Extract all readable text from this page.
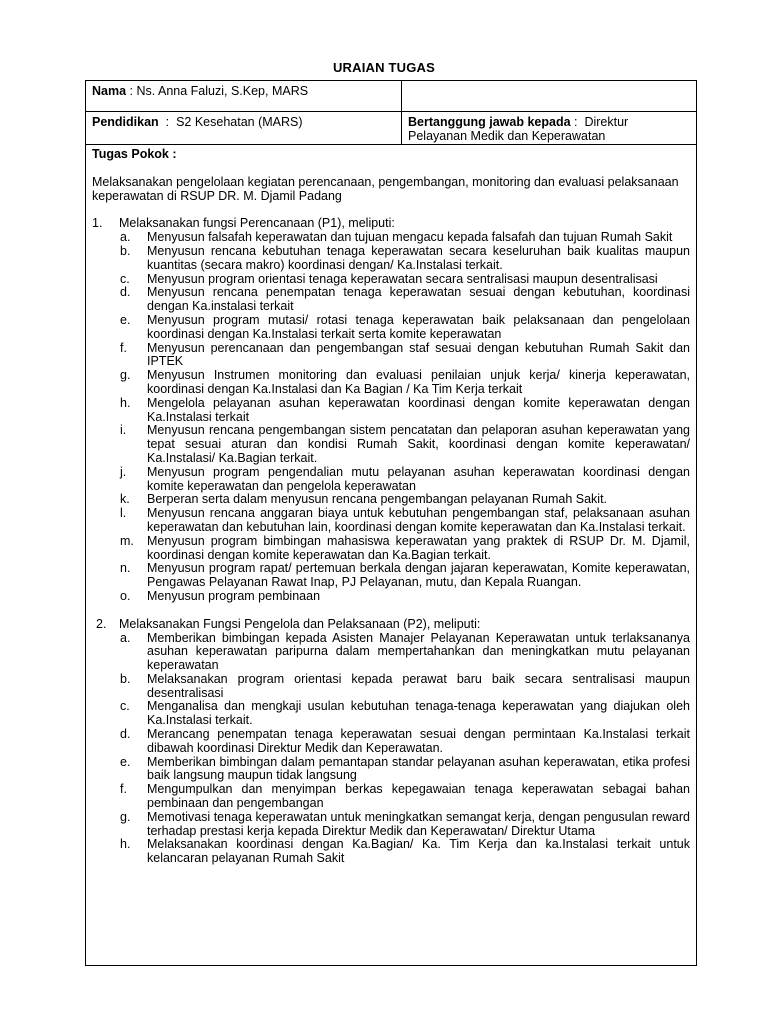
URAIAN TUGAS
Nama : Ns. Anna Faluzi, S.Kep, MARS
Pendidikan  :  S2 Kesehatan (MARS)	Bertanggung jawab kepada :  Direktur Pelayanan Medik dan Keperawatan
Tugas Pokok :
Melaksanakan pengelolaan kegiatan perencanaan, pengembangan, monitoring dan evaluasi pelaksanaan keperawatan di RSUP DR. M. Djamil Padang
1.	Melaksanakan fungsi Perencanaan (P1), meliputi:
a.	Menyusun falsafah keperawatan dan tujuan mengacu kepada falsafah dan tujuan Rumah Sakit
b.	Menyusun rencana kebutuhan tenaga keperawatan secara keseluruhan baik kualitas maupun kuantitas (secara makro) koordinasi dengan/ Ka.Instalasi terkait.
c.	Menyusun program orientasi tenaga keperawatan secara sentralisasi maupun desentralisasi
d.	Menyusun rencana penempatan tenaga keperawatan sesuai dengan kebutuhan, koordinasi dengan Ka.instalasi terkait
e.	Menyusun program mutasi/ rotasi tenaga keperawatan baik pelaksanaan dan pengelolaan koordinasi dengan Ka.Instalasi terkait serta komite keperawatan
f.	Menyusun perencanaan dan pengembangan staf sesuai dengan kebutuhan Rumah Sakit dan IPTEK
g.	Menyusun Instrumen monitoring dan evaluasi penilaian unjuk kerja/ kinerja keperawatan, koordinasi dengan Ka.Instalasi dan Ka Bagian / Ka Tim Kerja terkait
h.	Mengelola pelayanan asuhan keperawatan koordinasi dengan komite keperawatan dengan Ka.Instalasi terkait
i.	Menyusun rencana pengembangan sistem pencatatan dan pelaporan asuhan keperawatan yang tepat sesuai aturan dan kondisi Rumah Sakit, koordinasi dengan komite keperawatan/ Ka.Instalasi/ Ka.Bagian terkait.
j.	Menyusun program pengendalian mutu pelayanan asuhan keperawatan koordinasi dengan komite keperawatan dan pengelola keperawatan
k.	Berperan serta dalam menyusun rencana pengembangan pelayanan Rumah Sakit.
l.	Menyusun rencana anggaran biaya untuk kebutuhan pengembangan staf, pelaksanaan asuhan keperawatan dan kebutuhan lain, koordinasi dengan komite keperawatan dan Ka.Instalasi terkait.
m.	Menyusun program bimbingan mahasiswa keperawatan yang praktek di RSUP Dr. M. Djamil, koordinasi dengan komite keperawatan dan Ka.Bagian terkait.
n.	Menyusun program rapat/ pertemuan berkala dengan jajaran keperawatan, Komite keperawatan, Pengawas Pelayanan Rawat Inap, PJ Pelayanan, mutu, dan Kepala Ruangan.
o.	Menyusun program pembinaan
2.	Melaksanakan Fungsi Pengelola dan Pelaksanaan (P2), meliputi:
a.	Memberikan bimbingan kepada Asisten Manajer Pelayanan Keperawatan untuk terlaksananya asuhan keperawatan paripurna dalam mempertahankan dan meningkatkan mutu pelayanan keperawatan
b.	Melaksanakan program orientasi kepada perawat baru baik secara sentralisasi maupun desentralisasi
c.	Menganalisa dan mengkaji usulan kebutuhan tenaga-tenaga keperawatan yang diajukan oleh Ka.Instalasi terkait.
d.	Merancang penempatan tenaga keperawatan sesuai dengan permintaan Ka.Instalasi terkait dibawah koordinasi Direktur Medik dan Keperawatan.
e.	Memberikan bimbingan dalam pemantapan standar pelayanan asuhan keperawatan, etika profesi baik langsung maupun tidak langsung
f.	Mengumpulkan dan menyimpan berkas kepegawaian tenaga keperawatan sebagai bahan pembinaan dan pengembangan
g.	Memotivasi tenaga keperawatan untuk meningkatkan semangat kerja, dengan pengusulan reward terhadap prestasi kerja kepada Direktur Medik dan Keperawatan/ Direktur Utama
h.	Melaksanakan koordinasi dengan Ka.Bagian/ Ka. Tim Kerja dan ka.Instalasi terkait untuk kelancaran pelayanan Rumah Sakit
